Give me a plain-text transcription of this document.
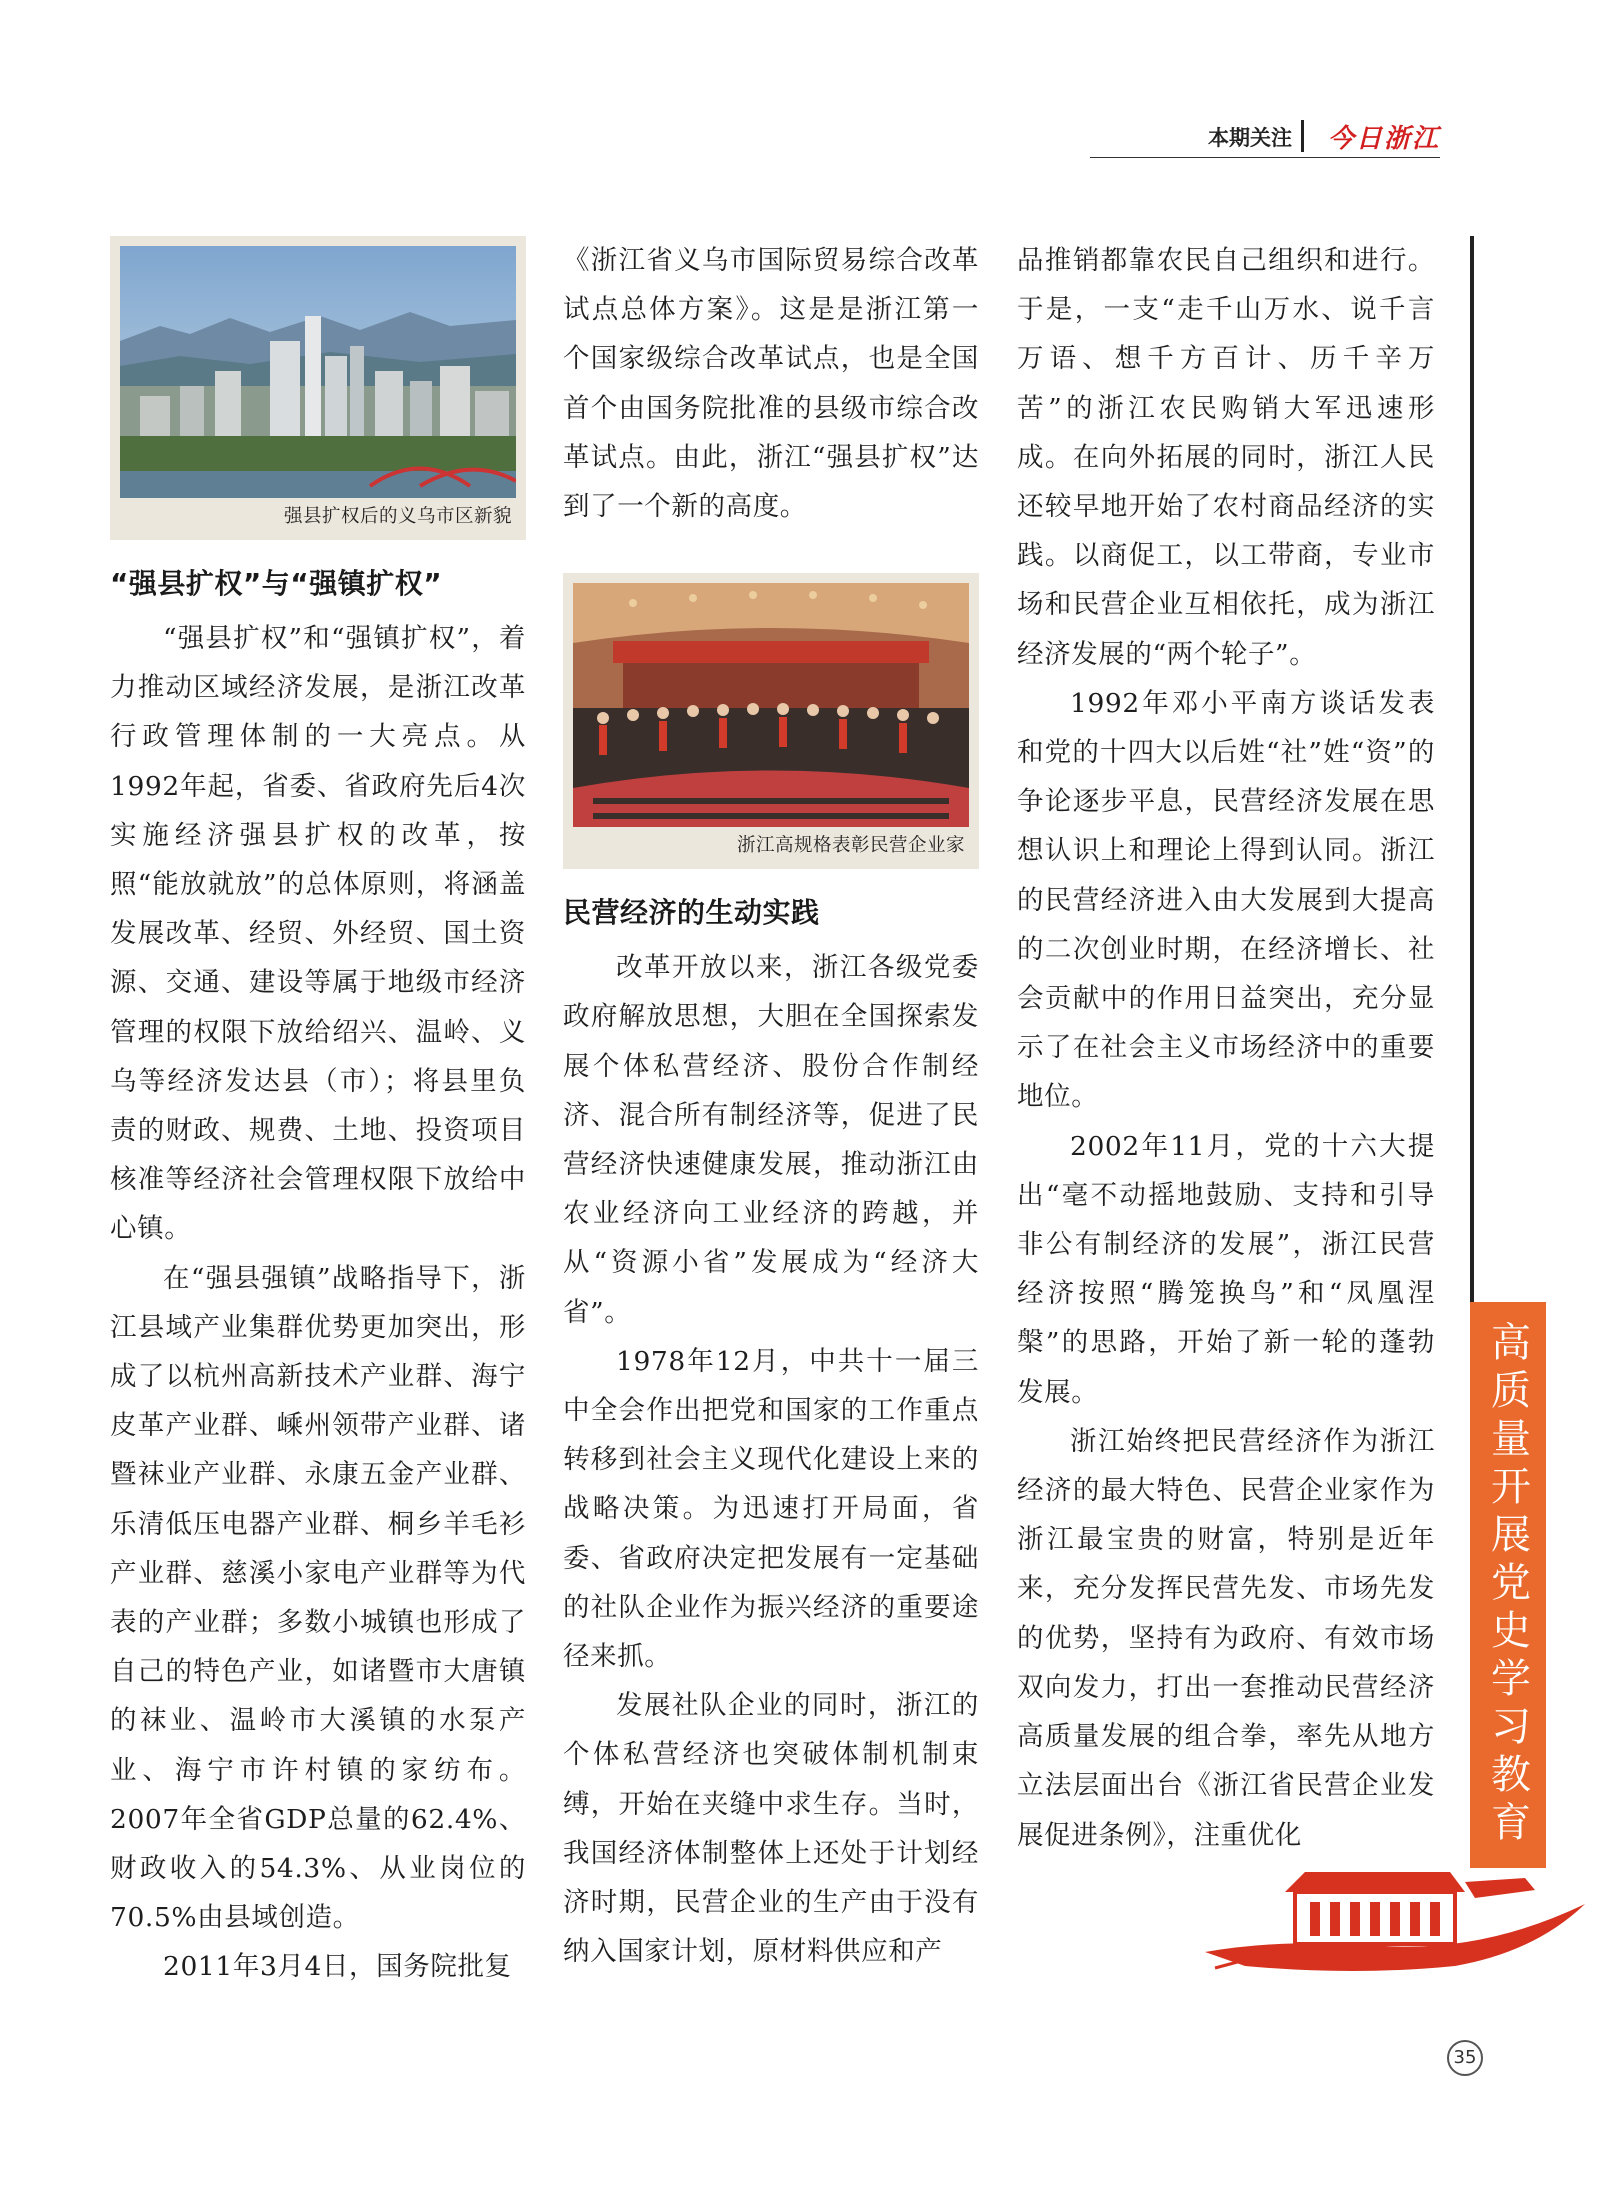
本期关注 今日浙江
强县扩权后的义乌市区新貌
“强县扩权”与“强镇扩权”

“强县扩权”和“强镇扩权”，着力推动区域经济发展，是浙江改革行政管理体制的一大亮点。从1992年起，省委、省政府先后4次实施经济强县扩权的改革，按照“能放就放”的总体原则，将涵盖发展改革、经贸、外经贸、国土资源、交通、建设等属于地级市经济管理的权限下放给绍兴、温岭、义乌等经济发达县（市）；将县里负责的财政、规费、土地、投资项目核准等经济社会管理权限下放给中心镇。

在“强县强镇”战略指导下，浙江县域产业集群优势更加突出，形成了以杭州高新技术产业群、海宁皮革产业群、嵊州领带产业群、诸暨袜业产业群、永康五金产业群、乐清低压电器产业群、桐乡羊毛衫产业群、慈溪小家电产业群等为代表的产业群；多数小城镇也形成了自己的特色产业，如诸暨市大唐镇的袜业、温岭市大溪镇的水泵产业、海宁市许村镇的家纺布。2007年全省GDP总量的62.4%、财政收入的54.3%、从业岗位的70.5%由县域创造。

2011年3月4日，国务院批复

《浙江省义乌市国际贸易综合改革试点总体方案》。这是是浙江第一个国家级综合改革试点，也是全国首个由国务院批准的县级市综合改革试点。由此，浙江“强县扩权”达到了一个新的高度。

浙江高规格表彰民营企业家
民营经济的生动实践

改革开放以来，浙江各级党委政府解放思想，大胆在全国探索发展个体私营经济、股份合作制经济、混合所有制经济等，促进了民营经济快速健康发展，推动浙江由农业经济向工业经济的跨越，并从“资源小省”发展成为“经济大省”。

1978年12月，中共十一届三中全会作出把党和国家的工作重点转移到社会主义现代化建设上来的战略决策。为迅速打开局面，省委、省政府决定把发展有一定基础的社队企业作为振兴经济的重要途径来抓。

发展社队企业的同时，浙江的个体私营经济也突破体制机制束缚，开始在夹缝中求生存。当时，我国经济体制整体上还处于计划经济时期，民营企业的生产由于没有纳入国家计划，原材料供应和产

品推销都靠农民自己组织和进行。于是，一支“走千山万水、说千言万语、想千方百计、历千辛万苦”的浙江农民购销大军迅速形成。在向外拓展的同时，浙江人民还较早地开始了农村商品经济的实践。以商促工，以工带商，专业市场和民营企业互相依托，成为浙江经济发展的“两个轮子”。

1992年邓小平南方谈话发表和党的十四大以后姓“社”姓“资”的争论逐步平息，民营经济发展在思想认识上和理论上得到认同。浙江的民营经济进入由大发展到大提高的二次创业时期，在经济增长、社会贡献中的作用日益突出，充分显示了在社会主义市场经济中的重要地位。

2002年11月，党的十六大提出“毫不动摇地鼓励、支持和引导非公有制经济的发展”，浙江民营经济按照“腾笼换鸟”和“凤凰涅槃”的思路，开始了新一轮的蓬勃发展。

浙江始终把民营经济作为浙江经济的最大特色、民营企业家作为浙江最宝贵的财富，特别是近年来，充分发挥民营先发、市场先发的优势，坚持有为政府、有效市场双向发力，打出一套推动民营经济高质量发展的组合拳，率先从地方立法层面出台《浙江省民营企业发展促进条例》，注重优化	高质量开展党史学习教育
35
